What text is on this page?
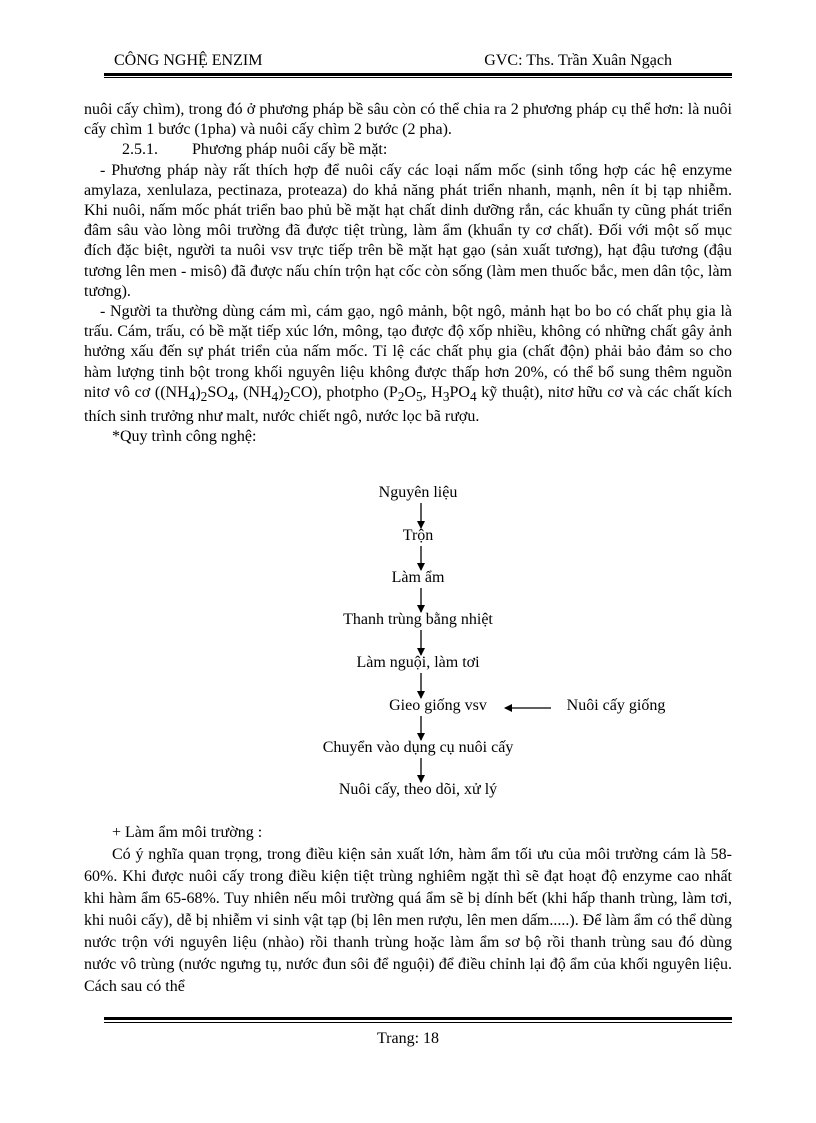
CÔNG NGHỆ ENZIM	GVC: Ths. Trần Xuân Ngạch

nuôi cấy chìm), trong đó ở phương pháp bề sâu còn có thể chia ra 2 phương pháp cụ thể hơn: là nuôi cấy chìm 1 bước (1pha) và nuôi cấy chìm 2 bước (2 pha).

2.5.1. Phương pháp nuôi cấy bề mặt:

- Phương pháp này rất thích hợp để nuôi cấy các loại nấm mốc (sinh tổng hợp các hệ enzyme amylaza, xenlulaza, pectinaza, proteaza) do khả năng phát triển nhanh, mạnh, nên ít bị tạp nhiễm. Khi nuôi, nấm mốc phát triển bao phủ bề mặt hạt chất dinh dưỡng rắn, các khuẩn ty cũng phát triển đâm sâu vào lòng môi trường đã được tiệt trùng, làm ẩm (khuẩn ty cơ chất). Đối với một số mục đích đặc biệt, người ta nuôi vsv trực tiếp trên bề mặt hạt gạo (sản xuất tương), hạt đậu tương (đậu tương lên men - misô) đã được nấu chín trộn hạt cốc còn sống (làm men thuốc bắc, men dân tộc, làm tương).

- Người ta thường dùng cám mì, cám gạo, ngô mảnh, bột ngô, mảnh hạt bo bo có chất phụ gia là trấu. Cám, trấu, có bề mặt tiếp xúc lớn, mông, tạo được độ xốp nhiều, không có những chất gây ảnh hưởng xấu đến sự phát triển của nấm mốc. Tỉ lệ các chất phụ gia (chất độn) phải bảo đảm so cho hàm lượng tinh bột trong khối nguyên liệu không được thấp hơn 20%, có thể bổ sung thêm nguồn nitơ vô cơ ($(NH_4)_2SO_4$, $(NH_4)_2CO$), photpho ($P_2O_5$, $H_3PO_4$ kỹ thuật), nitơ hữu cơ và các chất kích thích sinh trưởng như malt, nước chiết ngô, nước lọc bã rượu.

*Quy trình công nghệ:

Nguyên liệu
Trộn
Làm ẩm
Thanh trùng bằng nhiệt
Làm nguội, làm tơi
Gieo giống vsv
Chuyển vào dụng cụ nuôi cấy
Nuôi cấy, theo dõi, xử lý
Nuôi cấy giống

+ Làm ẩm môi trường :

Có ý nghĩa quan trọng, trong điều kiện sản xuất lớn, hàm ẩm tối ưu của môi trường cám là 58-60%. Khi được nuôi cấy trong điều kiện tiệt trùng nghiêm ngặt thì sẽ đạt hoạt độ enzyme cao nhất khi hàm ẩm 65-68%. Tuy nhiên nếu môi trường quá ẩm sẽ bị dính bết (khi hấp thanh trùng, làm tơi, khi nuôi cấy), dễ bị nhiễm vi sinh vật tạp (bị lên men rượu, lên men dấm.....). Để làm ẩm có thể dùng nước trộn với nguyên liệu (nhào) rồi thanh trùng hoặc làm ẩm sơ bộ rồi thanh trùng sau đó dùng nước vô trùng (nước ngưng tụ, nước đun sôi để nguội) để điều chỉnh lại độ ẩm của khối nguyên liệu. Cách sau có thể

Trang: 18
